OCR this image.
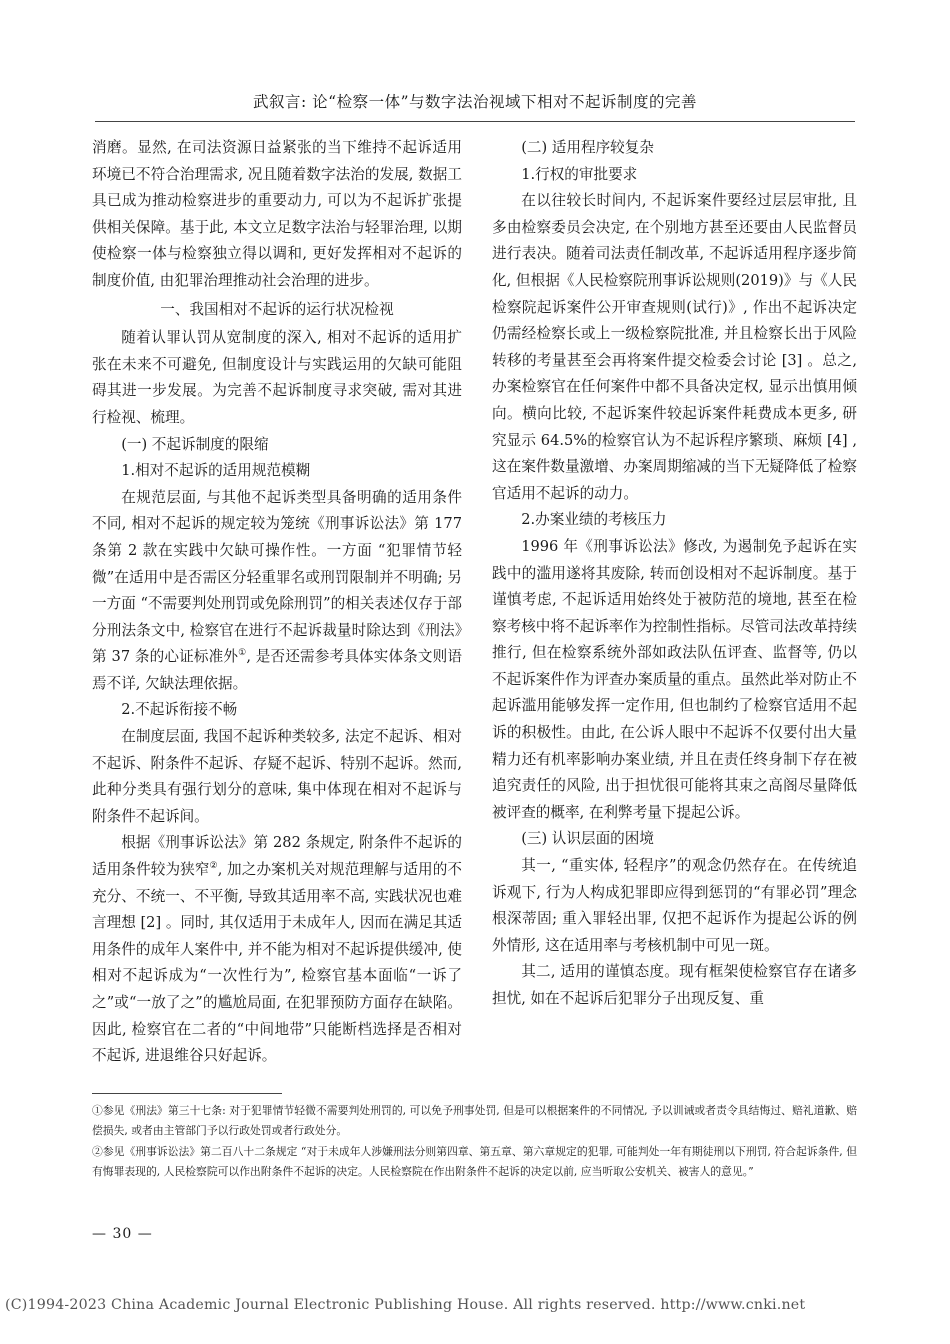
武叙言: 论“检察一体”与数字法治视域下相对不起诉制度的完善

消磨。显然, 在司法资源日益紧张的当下维持不起诉适用环境已不符合治理需求, 况且随着数字法治的发展, 数据工具已成为推动检察进步的重要动力, 可以为不起诉扩张提供相关保障。基于此, 本文立足数字法治与轻罪治理, 以期使检察一体与检察独立得以调和, 更好发挥相对不起诉的制度价值, 由犯罪治理推动社会治理的进步。

一、我国相对不起诉的运行状况检视

随着认罪认罚从宽制度的深入, 相对不起诉的适用扩张在未来不可避免, 但制度设计与实践运用的欠缺可能阻碍其进一步发展。为完善不起诉制度寻求突破, 需对其进行检视、梳理。

(一) 不起诉制度的限缩

1.相对不起诉的适用规范模糊

在规范层面, 与其他不起诉类型具备明确的适用条件不同, 相对不起诉的规定较为笼统《刑事诉讼法》第 177 条第 2 款在实践中欠缺可操作性。一方面 “犯罪情节轻微”在适用中是否需区分轻重罪名或刑罚限制并不明确; 另一方面 “不需要判处刑罚或免除刑罚”的相关表述仅存于部分刑法条文中, 检察官在进行不起诉裁量时除达到《刑法》第 37 条的心证标准外①, 是否还需参考具体实体条文则语焉不详, 欠缺法理依据。

2.不起诉衔接不畅

在制度层面, 我国不起诉种类较多, 法定不起诉、相对不起诉、附条件不起诉、存疑不起诉、特别不起诉。然而, 此种分类具有强行划分的意味, 集中体现在相对不起诉与附条件不起诉间。

根据《刑事诉讼法》第 282 条规定, 附条件不起诉的适用条件较为狭窄②, 加之办案机关对规范理解与适用的不充分、不统一、不平衡, 导致其适用率不高, 实践状况也难言理想 [2] 。同时, 其仅适用于未成年人, 因而在满足其适用条件的成年人案件中, 并不能为相对不起诉提供缓冲, 使相对不起诉成为“一次性行为”, 检察官基本面临“一诉了之”或“一放了之”的尴尬局面, 在犯罪预防方面存在缺陷。因此, 检察官在二者的“中间地带”只能断档选择是否相对不起诉, 进退维谷只好起诉。

(二) 适用程序较复杂

1.行权的审批要求

在以往较长时间内, 不起诉案件要经过层层审批, 且多由检察委员会决定, 在个别地方甚至还要由人民监督员进行表决。随着司法责任制改革, 不起诉适用程序逐步简化, 但根据《人民检察院刑事诉讼规则(2019)》与《人民检察院起诉案件公开审查规则(试行)》, 作出不起诉决定仍需经检察长或上一级检察院批准, 并且检察长出于风险转移的考量甚至会再将案件提交检委会讨论 [3] 。总之, 办案检察官在任何案件中都不具备决定权, 显示出慎用倾向。横向比较, 不起诉案件较起诉案件耗费成本更多, 研究显示 64.5%的检察官认为不起诉程序繁琐、麻烦 [4] , 这在案件数量激增、办案周期缩减的当下无疑降低了检察官适用不起诉的动力。

2.办案业绩的考核压力

1996 年《刑事诉讼法》修改, 为遏制免予起诉在实践中的滥用遂将其废除, 转而创设相对不起诉制度。基于谨慎考虑, 不起诉适用始终处于被防范的境地, 甚至在检察考核中将不起诉率作为控制性指标。尽管司法改革持续推行, 但在检察系统外部如政法队伍评查、监督等, 仍以不起诉案件作为评查办案质量的重点。虽然此举对防止不起诉滥用能够发挥一定作用, 但也制约了检察官适用不起诉的积极性。由此, 在公诉人眼中不起诉不仅要付出大量精力还有机率影响办案业绩, 并且在责任终身制下存在被追究责任的风险, 出于担忧很可能将其束之高阁尽量降低被评查的概率, 在利弊考量下提起公诉。

(三) 认识层面的困境

其一, “重实体, 轻程序”的观念仍然存在。在传统追诉观下, 行为人构成犯罪即应得到惩罚的“有罪必罚”理念根深蒂固; 重入罪轻出罪, 仅把不起诉作为提起公诉的例外情形, 这在适用率与考核机制中可见一斑。

其二, 适用的谨慎态度。现有框架使检察官存在诸多担忧, 如在不起诉后犯罪分子出现反复、重

①参见《刑法》第三十七条: 对于犯罪情节轻微不需要判处刑罚的, 可以免予刑事处罚, 但是可以根据案件的不同情况, 予以训诫或者责令具结悔过、赔礼道歉、赔偿损失, 或者由主管部门予以行政处罚或者行政处分。

②参见《刑事诉讼法》第二百八十二条规定 “对于未成年人涉嫌刑法分则第四章、第五章、第六章规定的犯罪, 可能判处一年有期徒刑以下刑罚, 符合起诉条件, 但有悔罪表现的, 人民检察院可以作出附条件不起诉的决定。人民检察院在作出附条件不起诉的决定以前, 应当听取公安机关、被害人的意见。”

— 30 —
(C)1994-2023 China Academic Journal Electronic Publishing House. All rights reserved. http://www.cnki.net
